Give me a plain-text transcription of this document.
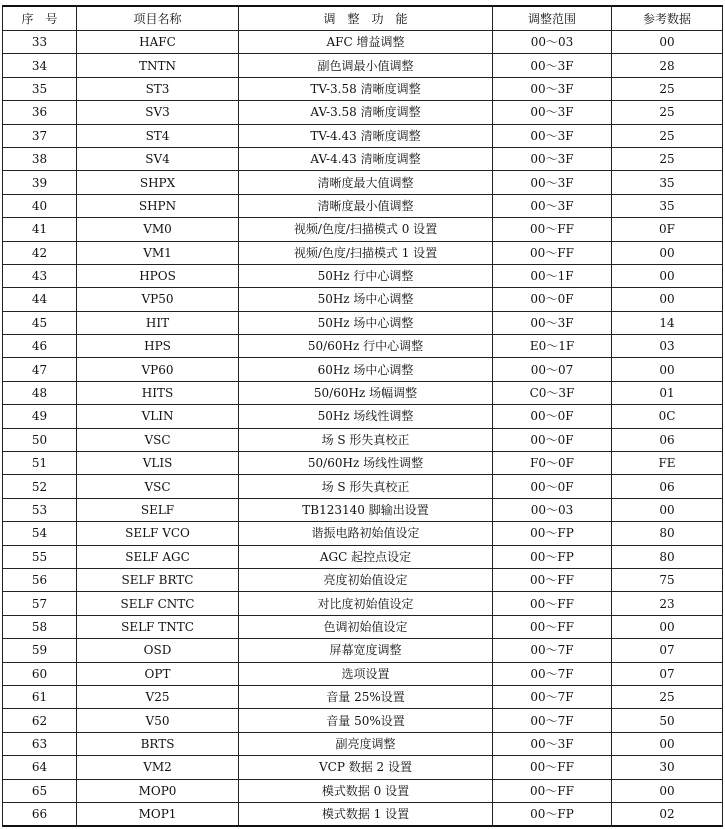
序　号	项目名称	调　整　功　能	调整范围	参考数据
33	HAFC	AFC 增益调整	00～03	00
34	TNTN	副色调最小值调整	00～3F	28
35	ST3	TV-3.58 清晰度调整	00～3F	25
36	SV3	AV-3.58 清晰度调整	00～3F	25
37	ST4	TV-4.43 清晰度调整	00～3F	25
38	SV4	AV-4.43 清晰度调整	00～3F	25
39	SHPX	清晰度最大值调整	00～3F	35
40	SHPN	清晰度最小值调整	00～3F	35
41	VM0	视频/色度/扫描模式 0 设置	00～FF	0F
42	VM1	视频/色度/扫描模式 1 设置	00～FF	00
43	HPOS	50Hz 行中心调整	00～1F	00
44	VP50	50Hz 场中心调整	00～0F	00
45	HIT	50Hz 场中心调整	00～3F	14
46	HPS	50/60Hz 行中心调整	E0～1F	03
47	VP60	60Hz 场中心调整	00～07	00
48	HITS	50/60Hz 场幅调整	C0～3F	01
49	VLIN	50Hz 场线性调整	00～0F	0C
50	VSC	场 S 形失真校正	00～0F	06
51	VLIS	50/60Hz 场线性调整	F0～0F	FE
52	VSC	场 S 形失真校正	00～0F	06
53	SELF	TB123140 脚输出设置	00～03	00
54	SELF VCO	谐振电路初始值设定	00～FP	80
55	SELF AGC	AGC 起控点设定	00～FP	80
56	SELF BRTC	亮度初始值设定	00～FF	75
57	SELF CNTC	对比度初始值设定	00～FF	23
58	SELF TNTC	色调初始值设定	00～FF	00
59	OSD	屏幕宽度调整	00～7F	07
60	OPT	选项设置	00～7F	07
61	V25	音量 25%设置	00～7F	25
62	V50	音量 50%设置	00～7F	50
63	BRTS	副亮度调整	00～3F	00
64	VM2	VCP 数据 2 设置	00～FF	30
65	MOP0	模式数据 0 设置	00～FF	00
66	MOP1	模式数据 1 设置	00～FP	02
